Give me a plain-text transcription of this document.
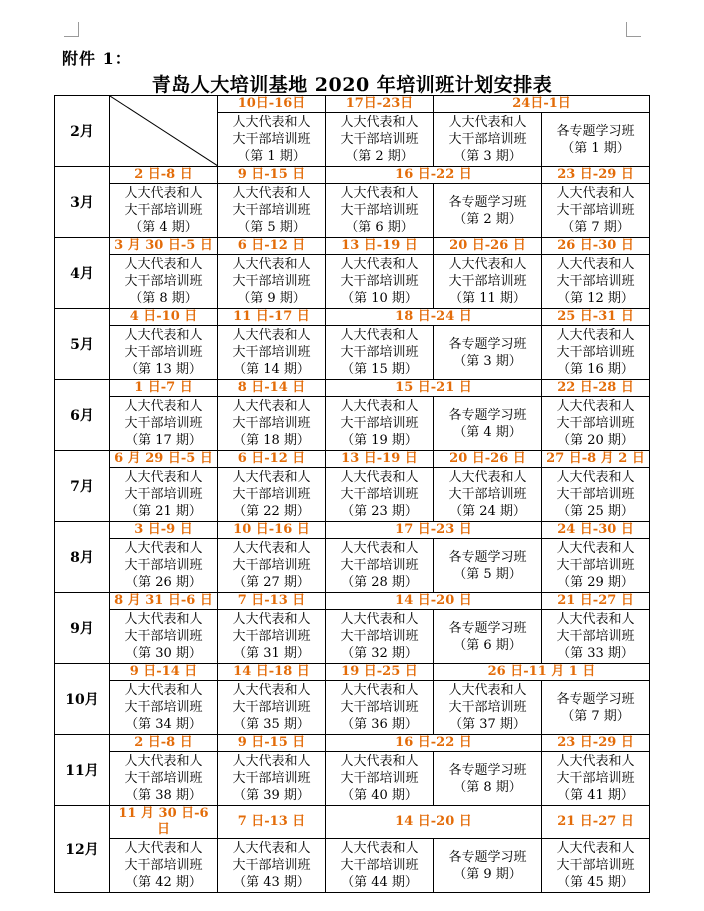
附件 1：
青岛人大培训基地 2020 年培训班计划安排表
2月		10日-16日	17日-23日	24日-1日	

		人大代表和人
大干部培训班
（第 1 期）	人大代表和人
大干部培训班
（第 2 期）	人大代表和人
大干部培训班
（第 3 期）	各专题学习班
（第 1 期）

3月	2 日-8 日	9 日-15 日	16 日-22 日		23 日-29 日

	人大代表和人
大干部培训班
（第 4 期）	人大代表和人
大干部培训班
（第 5 期）	人大代表和人
大干部培训班
（第 6 期）	各专题学习班
（第 2 期）	人大代表和人
大干部培训班
（第 7 期）

4月	3 月 30 日-5 日	6 日-12 日	13 日-19 日	20 日-26 日	26 日-30 日

	人大代表和人
大干部培训班
（第 8 期）	人大代表和人
大干部培训班
（第 9 期）	人大代表和人
大干部培训班
（第 10 期）	人大代表和人
大干部培训班
（第 11 期）	人大代表和人
大干部培训班
（第 12 期）

5月	4 日-10 日	11 日-17 日	18 日-24 日		25 日-31 日

	人大代表和人
大干部培训班
（第 13 期）	人大代表和人
大干部培训班
（第 14 期）	人大代表和人
大干部培训班
（第 15 期）	各专题学习班
（第 3 期）	人大代表和人
大干部培训班
（第 16 期）

6月	1 日-7 日	8 日-14 日	15 日-21 日		22 日-28 日

	人大代表和人
大干部培训班
（第 17 期）	人大代表和人
大干部培训班
（第 18 期）	人大代表和人
大干部培训班
（第 19 期）	各专题学习班
（第 4 期）	人大代表和人
大干部培训班
（第 20 期）

7月	6 月 29 日-5 日	6 日-12 日	13 日-19 日	20 日-26 日	27 日-8 月 2 日

	人大代表和人
大干部培训班
（第 21 期）	人大代表和人
大干部培训班
（第 22 期）	人大代表和人
大干部培训班
（第 23 期）	人大代表和人
大干部培训班
（第 24 期）	人大代表和人
大干部培训班
（第 25 期）

8月	3 日-9 日	10 日-16 日	17 日-23 日		24 日-30 日

	人大代表和人
大干部培训班
（第 26 期）	人大代表和人
大干部培训班
（第 27 期）	人大代表和人
大干部培训班
（第 28 期）	各专题学习班
（第 5 期）	人大代表和人
大干部培训班
（第 29 期）

9月	8 月 31 日-6 日	7 日-13 日	14 日-20 日		21 日-27 日

	人大代表和人
大干部培训班
（第 30 期）	人大代表和人
大干部培训班
（第 31 期）	人大代表和人
大干部培训班
（第 32 期）	各专题学习班
（第 6 期）	人大代表和人
大干部培训班
（第 33 期）

10月	9 日-14 日	14 日-18 日	19 日-25 日	26 日-11 月 1 日	

	人大代表和人
大干部培训班
（第 34 期）	人大代表和人
大干部培训班
（第 35 期）	人大代表和人
大干部培训班
（第 36 期）	人大代表和人
大干部培训班
（第 37 期）	各专题学习班
（第 7 期）

11月	2 日-8 日	9 日-15 日	16 日-22 日		23 日-29 日

	人大代表和人
大干部培训班
（第 38 期）	人大代表和人
大干部培训班
（第 39 期）	人大代表和人
大干部培训班
（第 40 期）	各专题学习班
（第 8 期）	人大代表和人
大干部培训班
（第 41 期）

12月	11 月 30 日-6 日	7 日-13 日	14 日-20 日		21 日-27 日

	人大代表和人
大干部培训班
（第 42 期）	人大代表和人
大干部培训班
（第 43 期）	人大代表和人
大干部培训班
（第 44 期）	各专题学习班
（第 9 期）	人大代表和人
大干部培训班
（第 45 期）
